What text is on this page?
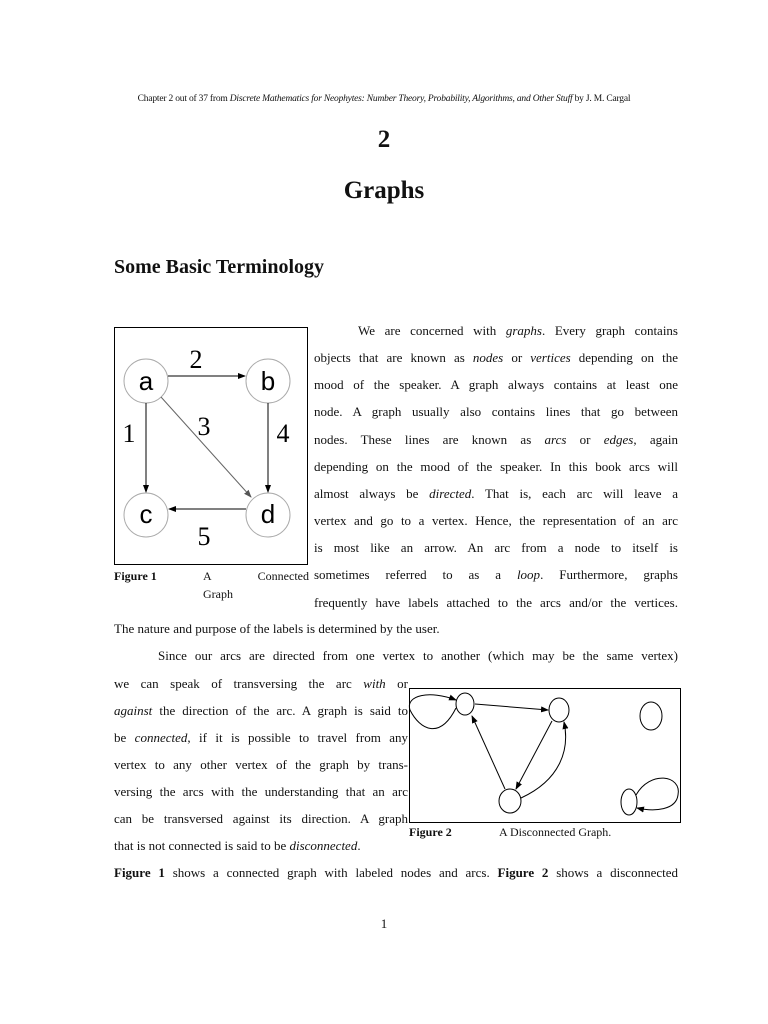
Chapter 2 out of 37 from Discrete Mathematics for Neophytes: Number Theory, Probability, Algorithms, and Other Stuff by J. M. Cargal
2
Graphs
Some Basic Terminology
a	b
c	d
1
2
3	4
5
Figure 1	A Connected
Graph
We are concerned with graphs. Every graph contains
objects that are known as nodes or vertices depending on the
mood of the speaker. A graph always contains at least one
node. A graph usually also contains lines that go between
nodes. These lines are known as arcs or edges, again
depending on the mood of the speaker. In this book arcs will
almost always be directed. That is, each arc will leave a
vertex and go to a vertex. Hence, the representation of an arc
is most like an arrow. An arc from a node to itself is
sometimes referred to as a loop. Furthermore, graphs
frequently have labels attached to the arcs and/or the vertices.
The nature and purpose of the labels is determined by the user.
Since our arcs are directed from one vertex to another (which may be the same vertex)
we can speak of transversing the arc with or
against the direction of the arc. A graph is said to
be connected, if it is possible to travel from any
vertex to any other vertex of the graph by trans-
versing the arcs with the understanding that an arc
can be transversed against its direction. A graph
that is not connected is said to be disconnected.
Figure 2	A Disconnected Graph.
Figure 1 shows a connected graph with labeled nodes and arcs. Figure 2 shows a disconnected
1
